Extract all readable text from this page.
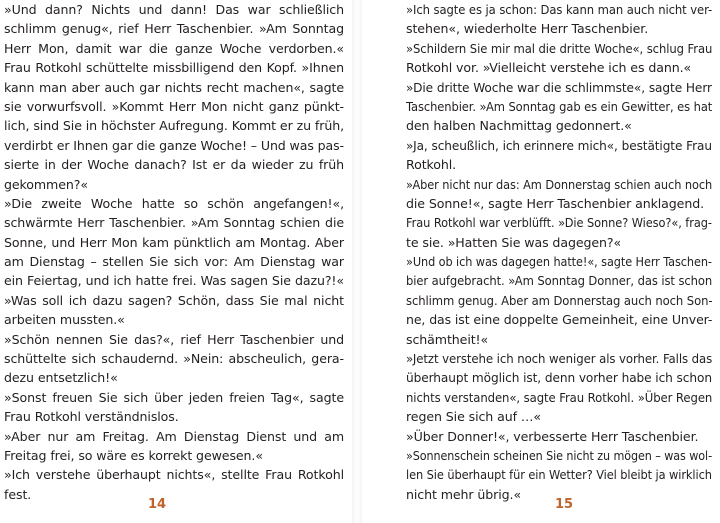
»Und dann? Nichts und dann! Das war schließlich
schlimm genug«, rief Herr Taschenbier. »Am Sonntag
Herr Mon, damit war die ganze Woche verdorben.«
Frau Rotkohl schüttelte missbilligend den Kopf. »Ihnen
kann man aber auch gar nichts recht machen«, sagte
sie vorwurfsvoll. »Kommt Herr Mon nicht ganz pünkt-
lich, sind Sie in höchster Aufregung. Kommt er zu früh,
verdirbt er Ihnen gar die ganze Woche! – Und was pas-
sierte in der Woche danach? Ist er da wieder zu früh
gekommen?«
»Die zweite Woche hatte so schön angefangen!«,
schwärmte Herr Taschenbier. »Am Sonntag schien die
Sonne, und Herr Mon kam pünktlich am Montag. Aber
am Dienstag – stellen Sie sich vor: Am Dienstag war
ein Feiertag, und ich hatte frei. Was sagen Sie dazu?!«
»Was soll ich dazu sagen? Schön, dass Sie mal nicht
arbeiten mussten.«
»Schön nennen Sie das?«, rief Herr Taschenbier und
schüttelte sich schaudernd. »Nein: abscheulich, gera-
dezu entsetzlich!«
»Sonst freuen Sie sich über jeden freien Tag«, sagte
Frau Rotkohl verständnislos.
»Aber nur am Freitag. Am Dienstag Dienst und am
Freitag frei, so wäre es korrekt gewesen.«
»Ich verstehe überhaupt nichts«, stellte Frau Rotkohl
fest.
14
»Ich sagte es ja schon: Das kann man auch nicht ver-
stehen«, wiederholte Herr Taschenbier.
»Schildern Sie mir mal die dritte Woche«, schlug Frau
Rotkohl vor. »Vielleicht verstehe ich es dann.«
»Die dritte Woche war die schlimmste«, sagte Herr
Taschenbier. »Am Sonntag gab es ein Gewitter, es hat
den halben Nachmittag gedonnert.«
»Ja, scheußlich, ich erinnere mich«, bestätigte Frau
Rotkohl.
»Aber nicht nur das: Am Donnerstag schien auch noch
die Sonne!«, sagte Herr Taschenbier anklagend.
Frau Rotkohl war verblüfft. »Die Sonne? Wieso?«, frag-
te sie. »Hatten Sie was dagegen?«
»Und ob ich was dagegen hatte!«, sagte Herr Taschen-
bier aufgebracht. »Am Sonntag Donner, das ist schon
schlimm genug. Aber am Donnerstag auch noch Son-
ne, das ist eine doppelte Gemeinheit, eine Unver-
schämtheit!«
»Jetzt verstehe ich noch weniger als vorher. Falls das
überhaupt möglich ist, denn vorher habe ich schon
nichts verstanden«, sagte Frau Rotkohl. »Über Regen
regen Sie sich auf …«
»Über Donner!«, verbesserte Herr Taschenbier.
»Sonnenschein scheinen Sie nicht zu mögen – was wol-
len Sie überhaupt für ein Wetter? Viel bleibt ja wirklich
nicht mehr übrig.«
15
